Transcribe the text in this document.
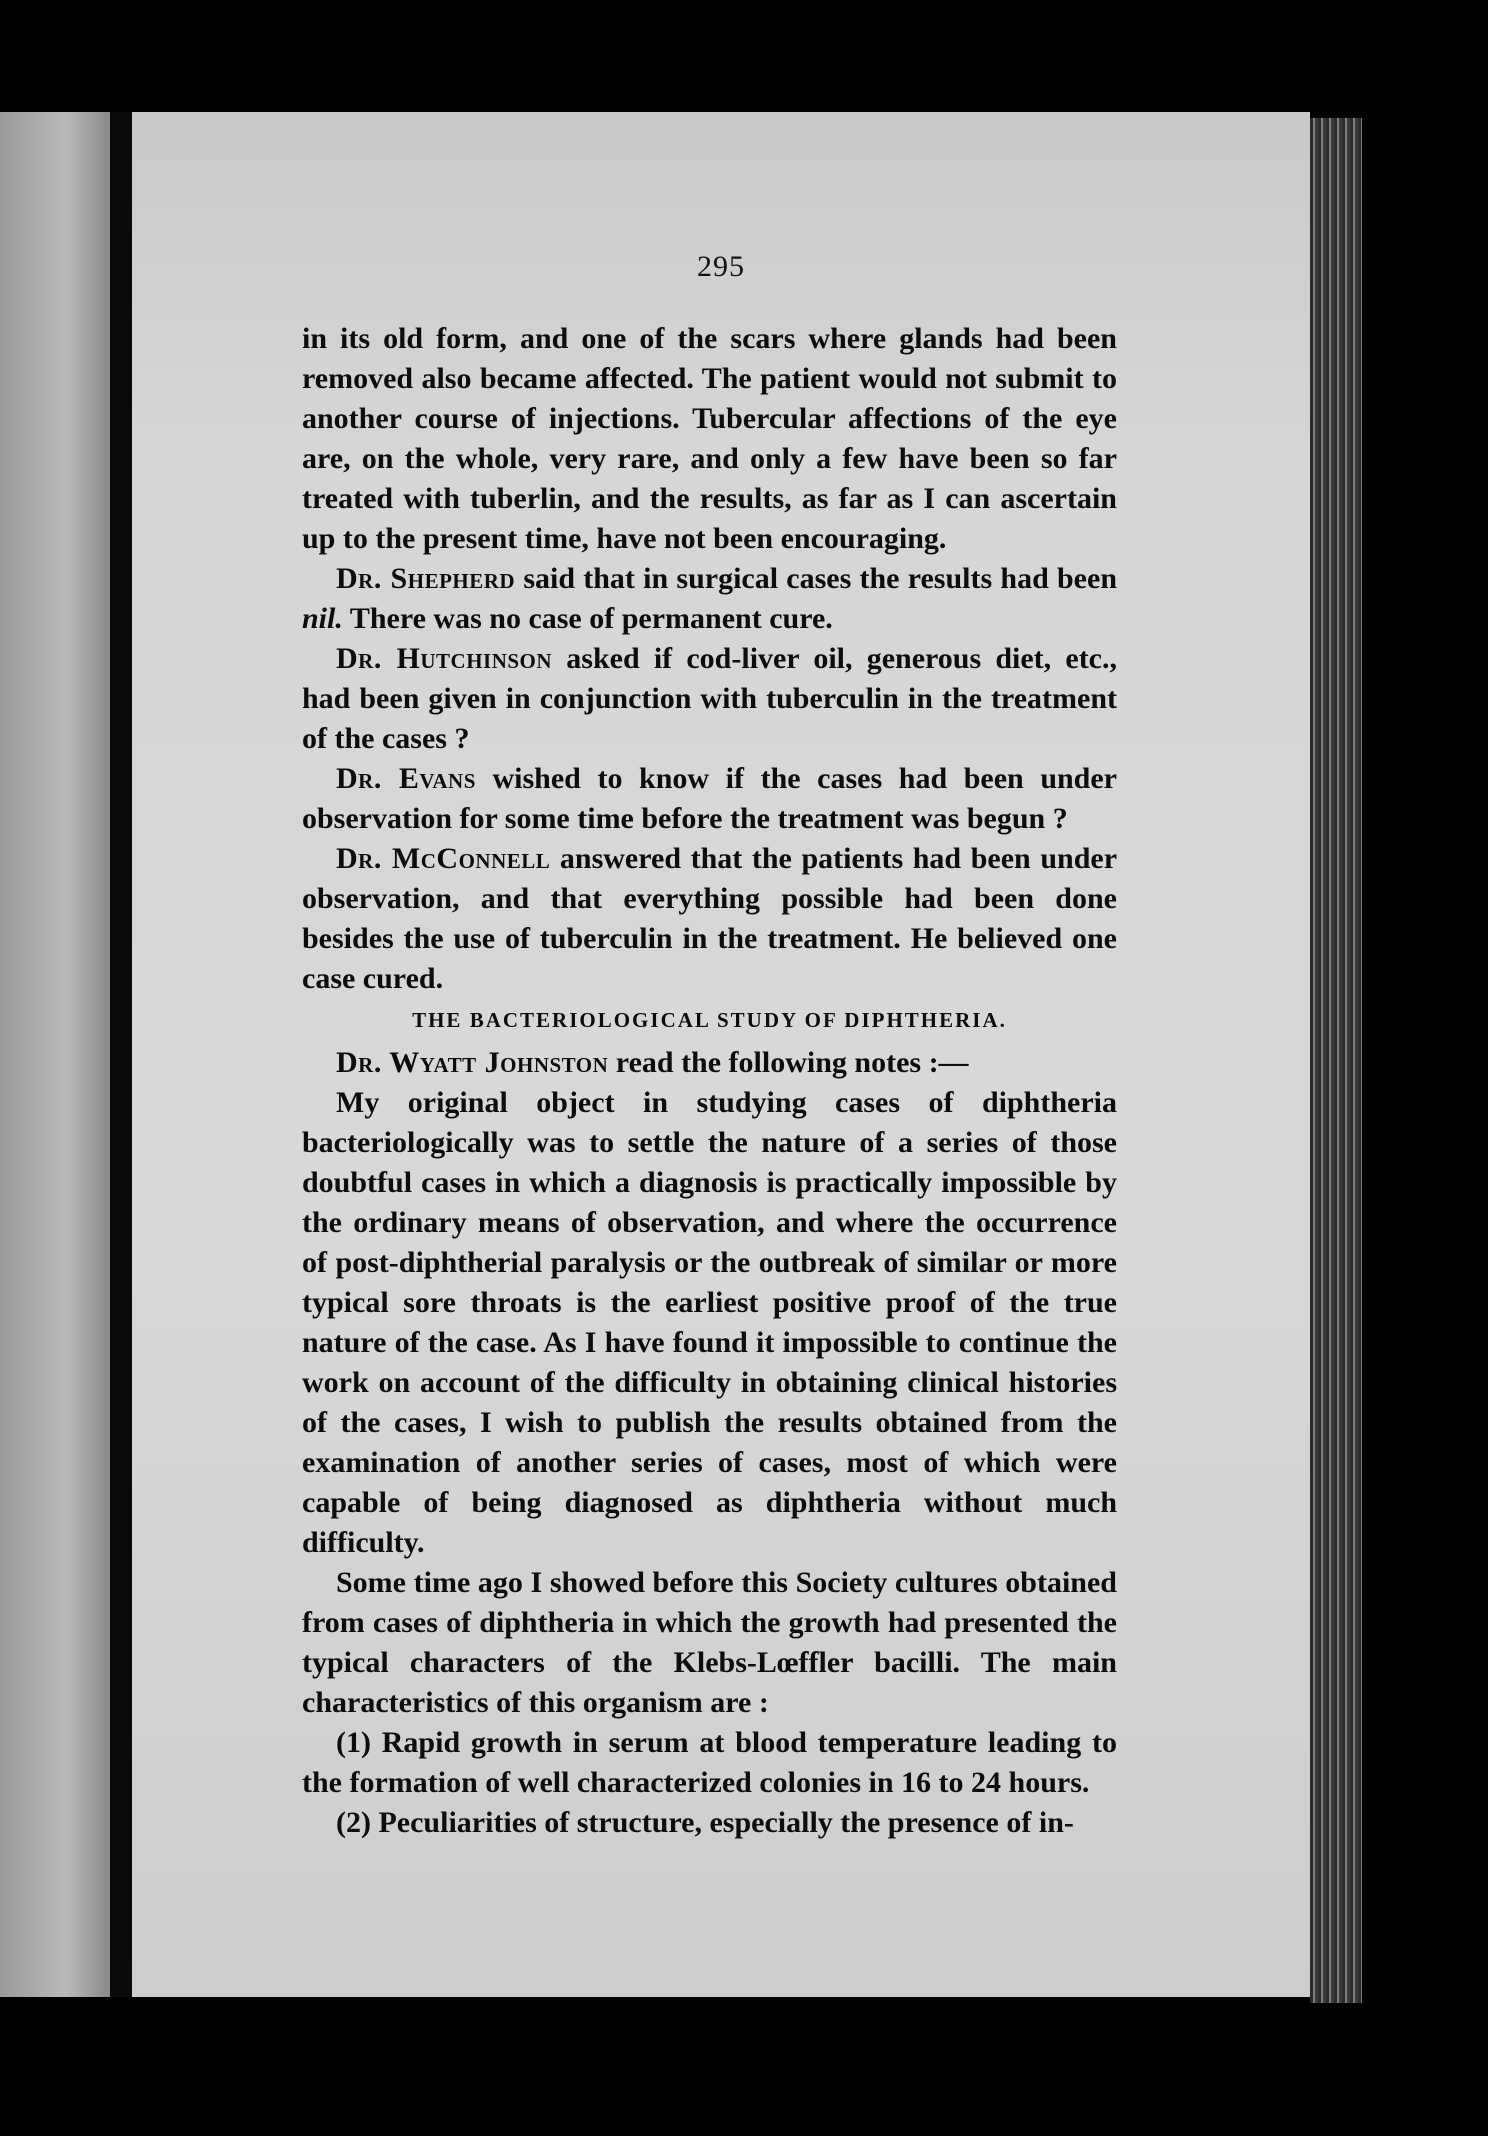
295

in its old form, and one of the scars where glands had been removed also became affected. The patient would not submit to another course of injections. Tubercular affections of the eye are, on the whole, very rare, and only a few have been so far treated with tuberlin, and the results, as far as I can ascertain up to the present time, have not been encouraging.

Dr. Shepherd said that in surgical cases the results had been nil. There was no case of permanent cure.

Dr. Hutchinson asked if cod-liver oil, generous diet, etc., had been given in conjunction with tuberculin in the treatment of the cases ?

Dr. Evans wished to know if the cases had been under observation for some time before the treatment was begun ?

Dr. McConnell answered that the patients had been under observation, and that everything possible had been done besides the use of tuberculin in the treatment. He believed one case cured.

THE BACTERIOLOGICAL STUDY OF DIPHTHERIA.

Dr. Wyatt Johnston read the following notes :—

My original object in studying cases of diphtheria bacteriologically was to settle the nature of a series of those doubtful cases in which a diagnosis is practically impossible by the ordinary means of observation, and where the occurrence of post-diphtherial paralysis or the outbreak of similar or more typical sore throats is the earliest positive proof of the true nature of the case. As I have found it impossible to continue the work on account of the difficulty in obtaining clinical histories of the cases, I wish to publish the results obtained from the examination of another series of cases, most of which were capable of being diagnosed as diphtheria without much difficulty.

Some time ago I showed before this Society cultures obtained from cases of diphtheria in which the growth had presented the typical characters of the Klebs-Lœffler bacilli. The main characteristics of this organism are :

(1) Rapid growth in serum at blood temperature leading to the formation of well characterized colonies in 16 to 24 hours.

(2) Peculiarities of structure, especially the presence of in-
